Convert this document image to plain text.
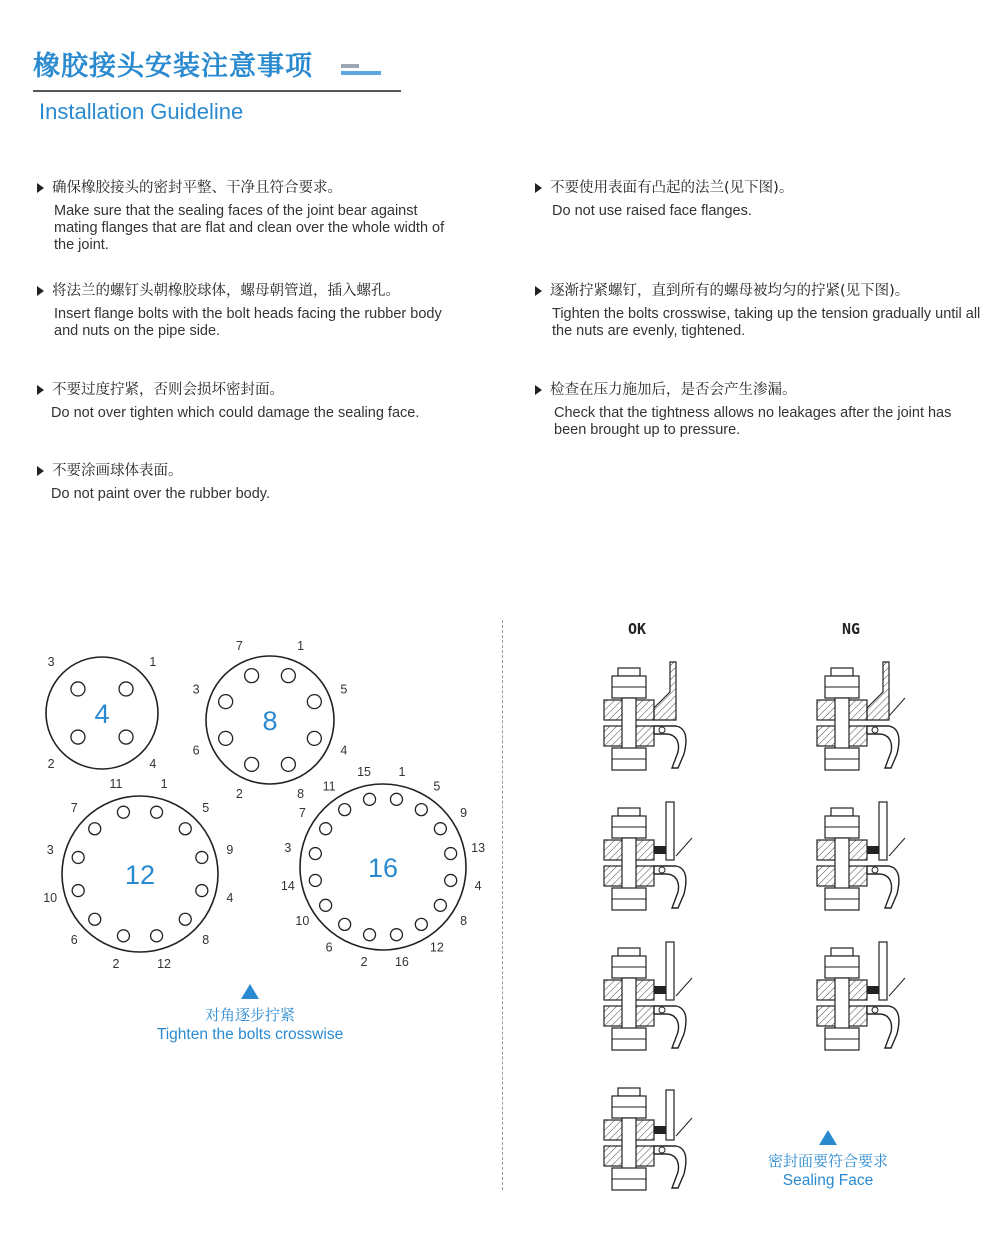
橡胶接头安装注意事项
Installation Guideline
确保橡胶接头的密封平整、干净且符合要求。
Make sure that the sealing faces of the joint bear against mating flanges that are flat and clean over the whole width of the joint.
将法兰的螺钉头朝橡胶球体，螺母朝管道，插入螺孔。
Insert flange bolts with the bolt heads facing the rubber body and nuts on the pipe side.
不要过度拧紧，否则会损坏密封面。
Do not over tighten which could damage the sealing face.
不要涂画球体表面。
Do not paint over the rubber body.
不要使用表面有凸起的法兰(见下图)。
Do not use raised face flanges.
逐渐拧紧螺钉，直到所有的螺母被均匀的拧紧(见下图)。
Tighten the bolts crosswise, taking up the tension gradually until all the nuts are evenly, tightened.
检查在压力施加后，是否会产生渗漏。
Check that the tightness allows no leakages after the joint has been brought up to pressure.
1
4
2
3
4
1
5
4
8
2
6
3
7
8
1
5
9
4
8
12
2
6
10
3
7
11
12
1
5
9
13
4
8
12
16
2
6
10
14
3
7
11
15
16
OK	NG
对角逐步拧紧
Tighten the bolts crosswise
密封面要符合要求
Sealing Face
